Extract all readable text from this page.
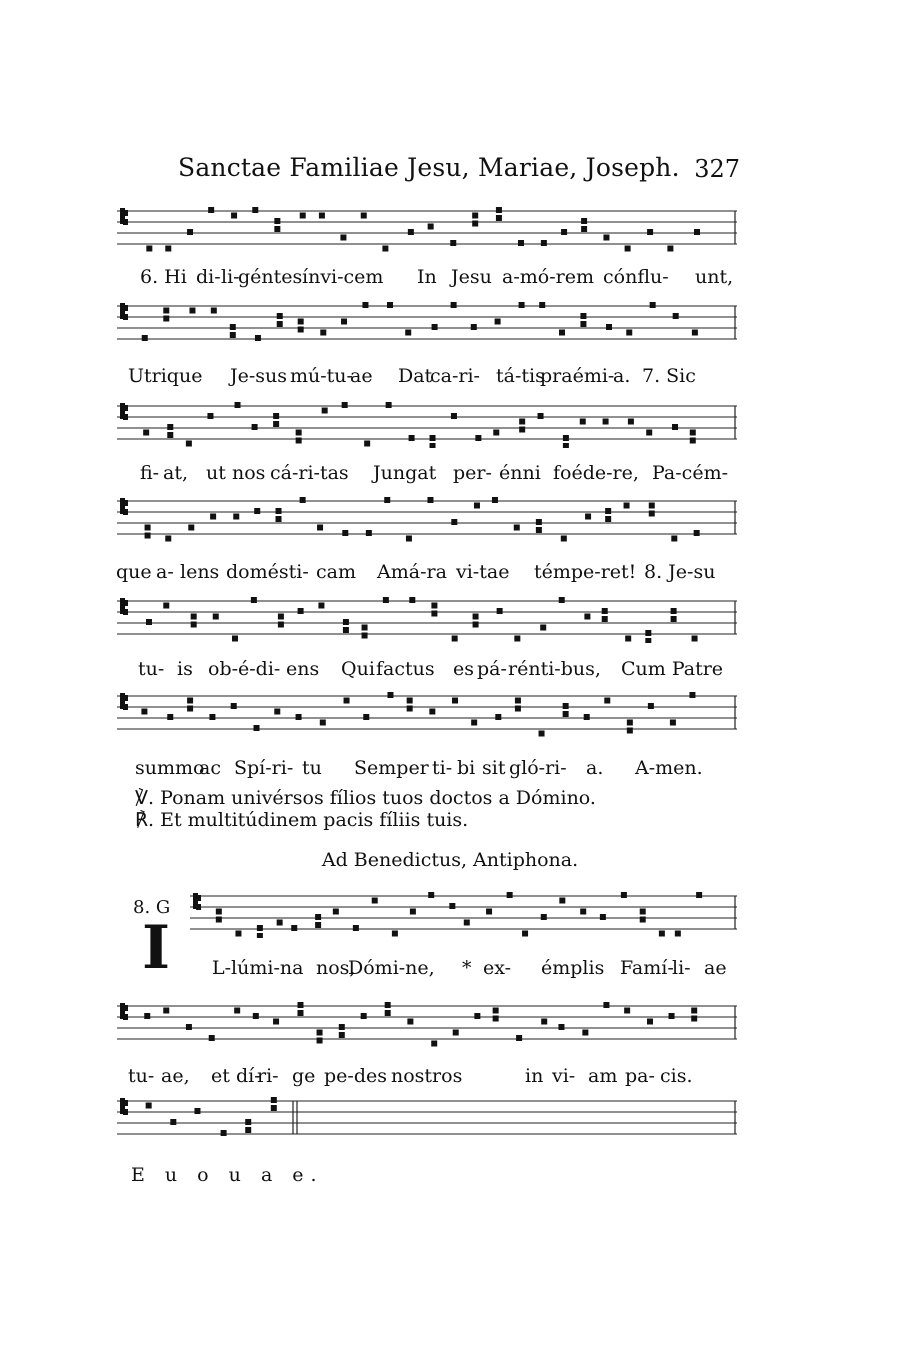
Sanctae Familiae Jesu, Mariae, Joseph. 327
6. Hi di- li-
géntes ínvi-cem In Jesu a-mó-rem cónflu- unt,
Utrique Je-sus mú-tu-
ae Dat
ca-ri- tá-tis
praémi-
a. 7. Sic
fi- at, ut nos cá-ri-tas Jungat per- énni foéde-re, Pa-cém-
que a- lens domésti- cam Amá-ra vi-tae témpe-ret! 8. Je-su
tu- is ob-é-di- ens Qui factus es pá- rénti-bus, Cum Patre
summo
ac Spí-ri- tu Semper ti- bi sit gló-ri- a. A-men.
℣. Ponam univérsos fílios tuos doctos a Dómino.
℟. Et multitúdinem pacis fíliis tuis.
Ad Benedictus, Antiphona.
8. G
I L-lúmi-na nos,
Dómi-ne, * ex- émplis Famí-
li- ae
tu- ae, et dí-
ri- ge pe-des nostros	in vi- am pa- cis.
E u o u a e.
